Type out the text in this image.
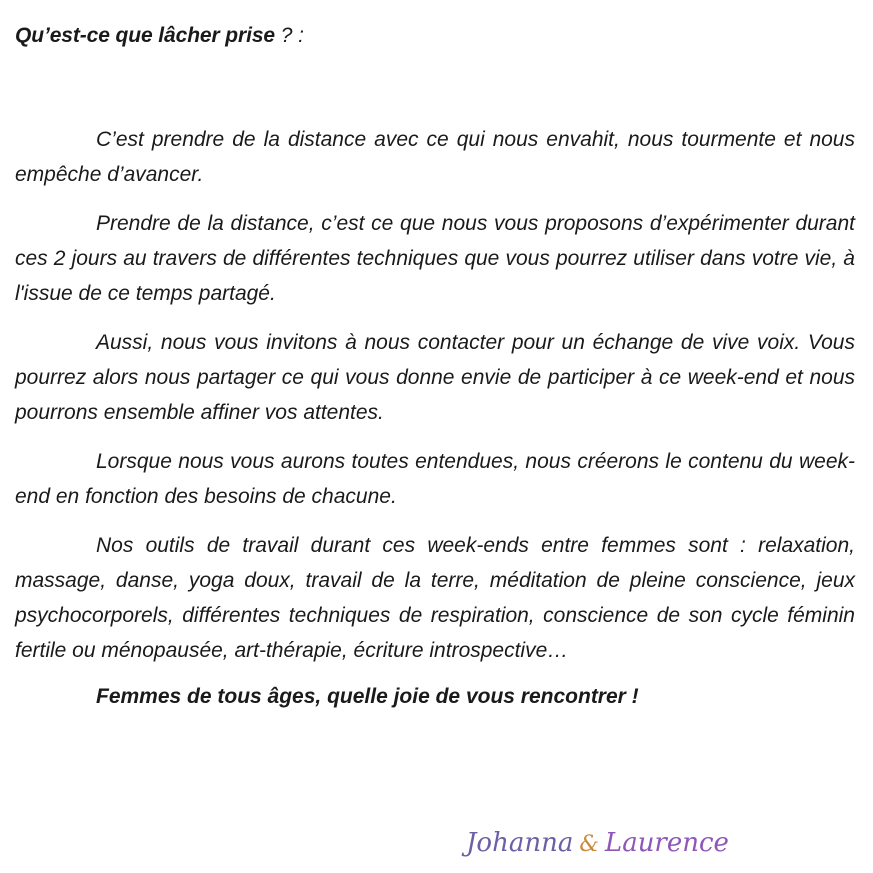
Qu’est-ce que lâcher prise ? :

C’est prendre de la distance avec ce qui nous envahit, nous tourmente et nous empêche d’avancer.

Prendre de la distance, c’est ce que nous vous proposons d’expérimenter durant ces 2 jours au travers de différentes techniques que vous pourrez utiliser dans votre vie, à l'issue de ce temps partagé.

Aussi, nous vous invitons à nous contacter pour un échange de vive voix. Vous pourrez alors nous partager ce qui vous donne envie de participer à ce week-end et nous pourrons ensemble affiner vos attentes.

Lorsque nous vous aurons toutes entendues, nous créerons le contenu du week-end en fonction des besoins de chacune.

Nos outils de travail durant ces week-ends entre femmes sont : relaxation, massage, danse, yoga doux, travail de la terre, méditation de pleine conscience, jeux psychocorporels, différentes techniques de respiration, conscience de son cycle féminin fertile ou ménopausée, art-thérapie, écriture introspective…

Femmes de tous âges, quelle joie de vous rencontrer !

Johanna & Laurence
